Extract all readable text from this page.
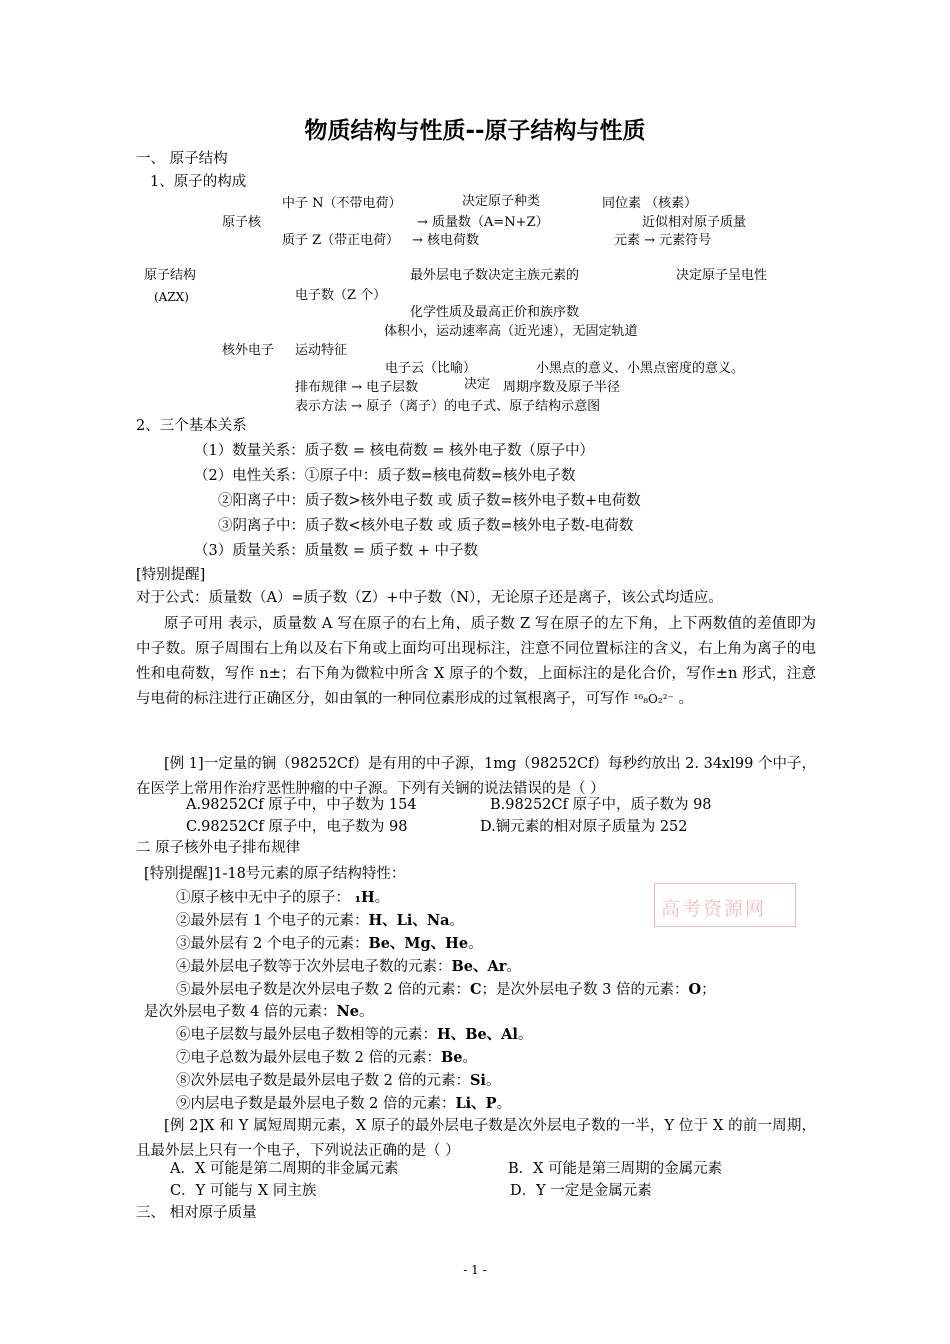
物质结构与性质--原子结构与性质
一、 原子结构
1、原子的构成
中子 N（不带电荷）	决定原子种类	同位素 （核素）
原子核	→ 质量数（A=N+Z）	近似相对原子质量
质子 Z（带正电荷） → 核电荷数	元素 → 元素符号
原子结构
(AZX)
最外层电子数决定主族元素的	决定原子呈电性
电子数（Z 个）
化学性质及最高正价和族序数
体积小，运动速率高（近光速），无固定轨道
核外电子 运动特征
电子云（比喻）	小黑点的意义、小黑点密度的意义。
排布规律 → 电子层数	决定 周期序数及原子半径
表示方法 → 原子（离子）的电子式、原子结构示意图
2、三个基本关系
（1）数量关系：质子数 = 核电荷数 = 核外电子数（原子中）
（2）电性关系：①原子中：质子数=核电荷数=核外电子数
②阳离子中：质子数>核外电子数 或 质子数=核外电子数+电荷数
③阴离子中：质子数<核外电子数 或 质子数=核外电子数-电荷数
（3）质量关系：质量数 = 质子数 + 中子数
[特别提醒]
对于公式：质量数（A）=质子数（Z）+中子数（N），无论原子还是离子，该公式均适应。
原子可用 表示，质量数 A 写在原子的右上角，质子数 Z 写在原子的左下角，上下两数值的差值即为中子数。原子周围右上角以及右下角或上面均可出现标注，注意不同位置标注的含义，右上角为离子的电性和电荷数，写作 n±；右下角为微粒中所含 X 原子的个数，上面标注的是化合价，写作±n 形式，注意与电荷的标注进行正确区分，如由氧的一种同位素形成的过氧根离子，可写作 ¹⁶₈O₂²⁻ 。
[例 1]一定量的锎（98252Cf）是有用的中子源，1mg（98252Cf）每秒约放出 2. 34xl99 个中子，在医学上常用作治疗恶性肿瘤的中子源。下列有关锎的说法错误的是（ ）
A.98252Cf 原子中，中子数为 154	B.98252Cf 原子中，质子数为 98
C.98252Cf 原子中，电子数为 98	D.锎元素的相对原子质量为 252
二 原子核外电子排布规律
[特别提醒]1-18号元素的原子结构特性：
高考资源网
①原子核中无中子的原子： ₁H。
②最外层有 1 个电子的元素：H、Li、Na。
③最外层有 2 个电子的元素：Be、Mg、He。
④最外层电子数等于次外层电子数的元素：Be、Ar。
⑤最外层电子数是次外层电子数 2 倍的元素：C；是次外层电子数 3 倍的元素：O；
是次外层电子数 4 倍的元素：Ne。
⑥电子层数与最外层电子数相等的元素：H、Be、Al。
⑦电子总数为最外层电子数 2 倍的元素：Be。
⑧次外层电子数是最外层电子数 2 倍的元素：Si。
⑨内层电子数是最外层电子数 2 倍的元素：Li、P。
[例 2]X 和 Y 属短周期元素，X 原子的最外层电子数是次外层电子数的一半，Y 位于 X 的前一周期，且最外层上只有一个电子，下列说法正确的是（ ）
A．X 可能是第二周期的非金属元素	B．X 可能是第三周期的金属元素
C．Y 可能与 X 同主族	D．Y 一定是金属元素
三、 相对原子质量
- 1 -
